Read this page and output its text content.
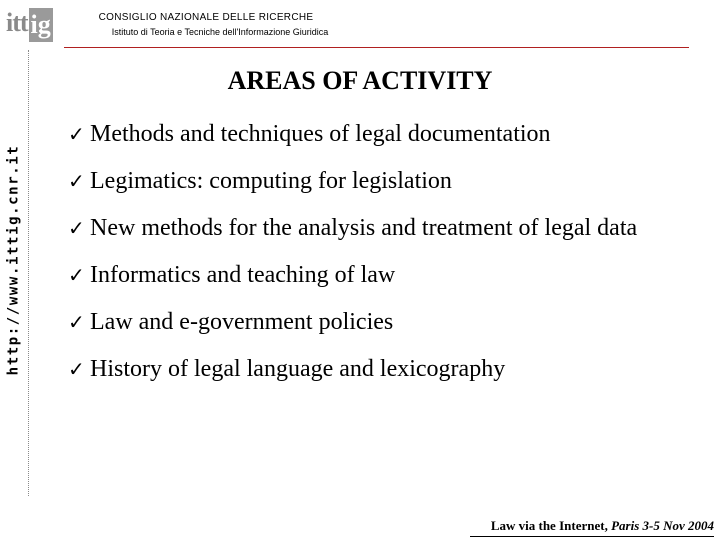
itt ig	CONSIGLIO NAZIONALE DELLE RICERCHE
Istituto di Teoria e Tecniche dell'Informazione Giuridica
http://www.ittig.cnr.it
AREAS OF ACTIVITY
✓ Methods and techniques of legal documentation
✓ Legimatics: computing for legislation
✓ New methods for the analysis and treatment of legal data
✓ Informatics and teaching of law
✓ Law and e-government policies
✓ History of legal language and lexicography
Law via the Internet, Paris 3-5 Nov 2004
